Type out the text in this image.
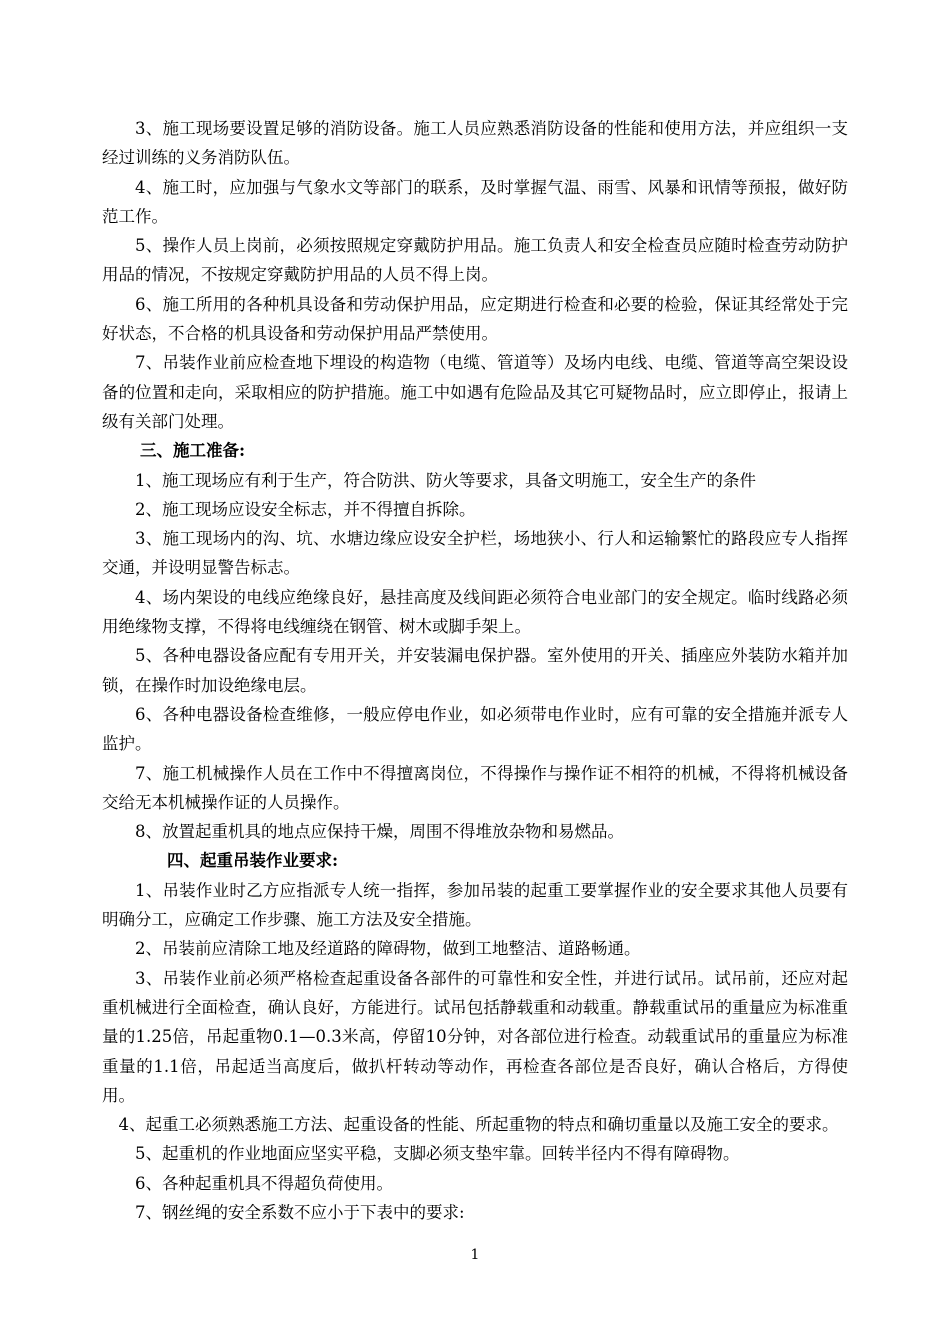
3、施工现场要设置足够的消防设备。施工人员应熟悉消防设备的性能和使用方法，并应组织一支经过训练的义务消防队伍。

4、施工时，应加强与气象水文等部门的联系，及时掌握气温、雨雪、风暴和讯情等预报，做好防范工作。

5、操作人员上岗前，必须按照规定穿戴防护用品。施工负责人和安全检查员应随时检查劳动防护用品的情况，不按规定穿戴防护用品的人员不得上岗。

6、施工所用的各种机具设备和劳动保护用品，应定期进行检查和必要的检验，保证其经常处于完好状态，不合格的机具设备和劳动保护用品严禁使用。

7、吊装作业前应检查地下埋设的构造物（电缆、管道等）及场内电线、电缆、管道等高空架设设备的位置和走向，采取相应的防护措施。施工中如遇有危险品及其它可疑物品时，应立即停止，报请上级有关部门处理。

三、施工准备:

1、施工现场应有利于生产，符合防洪、防火等要求，具备文明施工，安全生产的条件

2、施工现场应设安全标志，并不得擅自拆除。

3、施工现场内的沟、坑、水塘边缘应设安全护栏，场地狭小、行人和运输繁忙的路段应专人指挥交通，并设明显警告标志。

4、场内架设的电线应绝缘良好，悬挂高度及线间距必须符合电业部门的安全规定。临时线路必须用绝缘物支撑，不得将电线缠绕在钢管、树木或脚手架上。

5、各种电器设备应配有专用开关，并安装漏电保护器。室外使用的开关、插座应外装防水箱并加锁，在操作时加设绝缘电层。

6、各种电器设备检查维修，一般应停电作业，如必须带电作业时，应有可靠的安全措施并派专人监护。

7、施工机械操作人员在工作中不得擅离岗位，不得操作与操作证不相符的机械，不得将机械设备交给无本机械操作证的人员操作。

8、放置起重机具的地点应保持干燥，周围不得堆放杂物和易燃品。

四、起重吊装作业要求:

1、吊装作业时乙方应指派专人统一指挥，参加吊装的起重工要掌握作业的安全要求其他人员要有明确分工，应确定工作步骤、施工方法及安全措施。

2、吊装前应清除工地及经道路的障碍物，做到工地整洁、道路畅通。

3、吊装作业前必须严格检查起重设备各部件的可靠性和安全性，并进行试吊。试吊前，还应对起重机械进行全面检查，确认良好，方能进行。试吊包括静载重和动载重。静载重试吊的重量应为标准重量的1.25倍，吊起重物0.1—0.3米高，停留10分钟，对各部位进行检查。动载重试吊的重量应为标准重量的1.1倍，吊起适当高度后，做扒杆转动等动作，再检查各部位是否良好，确认合格后，方得使用。

4、起重工必须熟悉施工方法、起重设备的性能、所起重物的特点和确切重量以及施工安全的要求。

5、起重机的作业地面应坚实平稳，支脚必须支垫牢靠。回转半径内不得有障碍物。

6、各种起重机具不得超负荷使用。

7、钢丝绳的安全系数不应小于下表中的要求:

1
